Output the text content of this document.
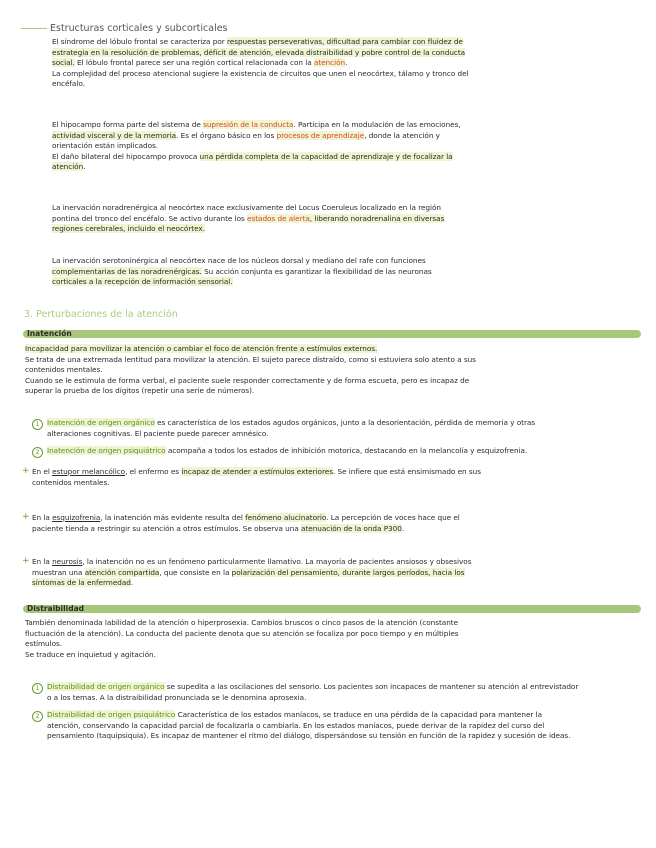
Estructuras corticales y subcorticales
El síndrome del lóbulo frontal se caracteriza por respuestas perseverativas, dificultad para cambiar con fluidez de
estrategia en la resolución de problemas, déficit de atención, elevada distraibilidad y pobre control de la conducta
social. El lóbulo frontal parece ser una región cortical relacionada con la atención.
La complejidad del proceso atencional sugiere la existencia de circuitos que unen el neocórtex, tálamo y tronco del
encéfalo.
El hipocampo forma parte del sistema de supresión de la conducta. Participa en la modulación de las emociones,
actividad visceral y de la memoria. Es el órgano básico en los procesos de aprendizaje, donde la atención y
orientación están implicados.
El daño bilateral del hipocampo provoca una pérdida completa de la capacidad de aprendizaje y de focalizar la
atención.
La inervación noradrenérgica al neocórtex nace exclusivamente del Locus Coeruleus localizado en la región
pontina del tronco del encéfalo. Se activo durante los estados de alerta, liberando noradrenalina en diversas
regiones cerebrales, incluido el neocórtex.
La inervación serotoninérgica al neocórtex nace de los núcleos dorsal y mediano del rafe con funciones
complementarias de las noradrenérgicas. Su acción conjunta es garantizar la flexibilidad de las neuronas
corticales a la recepción de información sensorial.
3. Perturbaciones de la atención
Inatención
Incapacidad para movilizar la atención o cambiar el foco de atención frente a estímulos externos.
Se trata de una extremada lentitud para movilizar la atención. El sujeto parece distraído, como si estuviera solo atento a sus
contenidos mentales.
Cuando se le estimula de forma verbal, el paciente suele responder correctamente y de forma escueta, pero es incapaz de
superar la prueba de los dígitos (repetir una serie de números).
1	Inatención de origen orgánico es característica de los estados agudos orgánicos, junto a la desorientación, pérdida de memoria y otras
alteraciones cognitivas. El paciente puede parecer amnésico.
2	Inatención de origen psiquiátrico acompaña a todos los estados de inhibición motorica, destacando en la melancolía y esquizofrenia.
+ En el estupor melancólico, el enfermo es incapaz de atender a estímulos exteriores. Se infiere que está ensimismado en sus
contenidos mentales.
+ En la esquizofrenia, la inatención más evidente resulta del fenómeno alucinatorio. La percepción de voces hace que el
paciente tienda a restringir su atención a otros estímulos. Se observa una atenuación de la onda P300.
+ En la neurosis, la inatención no es un fenómeno particularmente llamativo. La mayoría de pacientes ansiosos y obsesivos
muestran una atención compartida, que consiste en la polarización del pensamiento, durante largos períodos, hacia los
síntomas de la enfermedad.
Distraibilidad
También denominada labilidad de la atención o hiperprosexia. Cambios bruscos o cinco pasos de la atención (constante
fluctuación de la atención). La conducta del paciente denota que su atención se focaliza por poco tiempo y en múltiples
estímulos.
Se traduce en inquietud y agitación.
1	Distraibilidad de origen orgánico se supedita a las oscilaciones del sensorio. Los pacientes son incapaces de mantener su atención al entrevistador
o a los temas. A la distraibilidad pronunciada se le denomina aprosexia.
2	Distraibilidad de origen psiquiátrico Característica de los estados maníacos, se traduce en una pérdida de la capacidad para mantener la
atención, conservando la capacidad parcial de focalizarla o cambiarla. En los estados maníacos, puede derivar de la rapidez del curso del
pensamiento (taquipsiquia). Es incapaz de mantener el ritmo del diálogo, dispersándose su tensión en función de la rapidez y sucesión de ideas.
